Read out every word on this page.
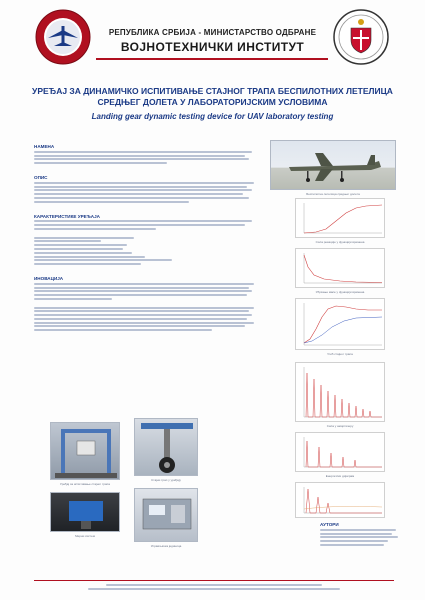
РЕПУБЛИКА СРБИЈА - МИНИСТАРСТВО ОДБРАНЕ
ВОЈНОТЕХНИЧКИ ИНСТИТУТ
УРЕЂАЈ ЗА ДИНАМИЧКО ИСПИТИВАЊЕ СТАЈНОГ ТРАПА БЕСПИЛОТНИХ ЛЕТЕЛИЦА
СРЕДЊЕГ ДОЛЕТА У ЛАБОРАТОРИЈСКИМ УСЛОВИМА
Landing gear dynamic testing device for UAV laboratory testing
НАМЕНА
ОПИС
КАРАКТЕРИСТИКЕ УРЕЂАЈА
ИНОВАЦИЈА
Беспилотна летелица средњег долета
Сила реакције у функцији времена
Убрзање масе у функцији времена
Угиб стајног трапа
Сила у амортизеру
Енергетски дијаграм
Уређај за испитивање стајног трапа
Стајни трап у уређају
Мерни систем
Управљачка јединица
АУТОРИ
